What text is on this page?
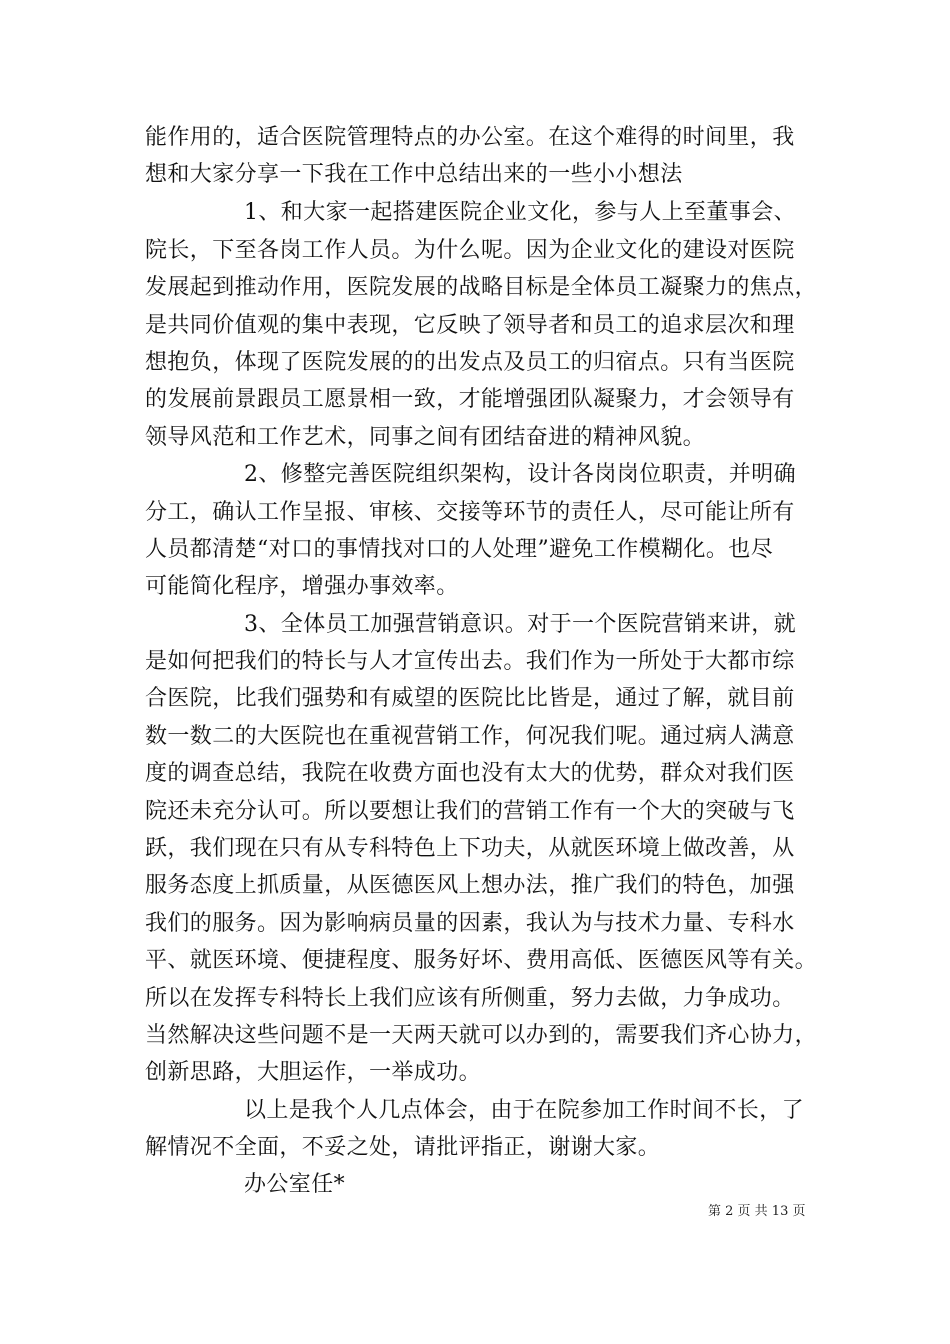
能作用的，适合医院管理特点的办公室。在这个难得的时间里，我
想和大家分享一下我在工作中总结出来的一些小小想法
1、和大家一起搭建医院企业文化，参与人上至董事会、
院长，下至各岗工作人员。为什么呢。因为企业文化的建设对医院
发展起到推动作用，医院发展的战略目标是全体员工凝聚力的焦点，
是共同价值观的集中表现，它反映了领导者和员工的追求层次和理
想抱负，体现了医院发展的的出发点及员工的归宿点。只有当医院
的发展前景跟员工愿景相一致，才能增强团队凝聚力，才会领导有
领导风范和工作艺术，同事之间有团结奋进的精神风貌。
2、修整完善医院组织架构，设计各岗岗位职责，并明确
分工，确认工作呈报、审核、交接等环节的责任人，尽可能让所有
人员都清楚“对口的事情找对口的人处理”避免工作模糊化。也尽
可能简化程序，增强办事效率。
3、全体员工加强营销意识。对于一个医院营销来讲，就
是如何把我们的特长与人才宣传出去。我们作为一所处于大都市综
合医院，比我们强势和有威望的医院比比皆是，通过了解，就目前
数一数二的大医院也在重视营销工作，何况我们呢。通过病人满意
度的调查总结，我院在收费方面也没有太大的优势，群众对我们医
院还未充分认可。所以要想让我们的营销工作有一个大的突破与飞
跃，我们现在只有从专科特色上下功夫，从就医环境上做改善，从
服务态度上抓质量，从医德医风上想办法，推广我们的特色，加强
我们的服务。因为影响病员量的因素，我认为与技术力量、专科水
平、就医环境、便捷程度、服务好坏、费用高低、医德医风等有关。
所以在发挥专科特长上我们应该有所侧重，努力去做，力争成功。
当然解决这些问题不是一天两天就可以办到的，需要我们齐心协力，
创新思路，大胆运作，一举成功。
以上是我个人几点体会，由于在院参加工作时间不长，了
解情况不全面，不妥之处，请批评指正，谢谢大家。
办公室任*
第 2 页 共 13 页
